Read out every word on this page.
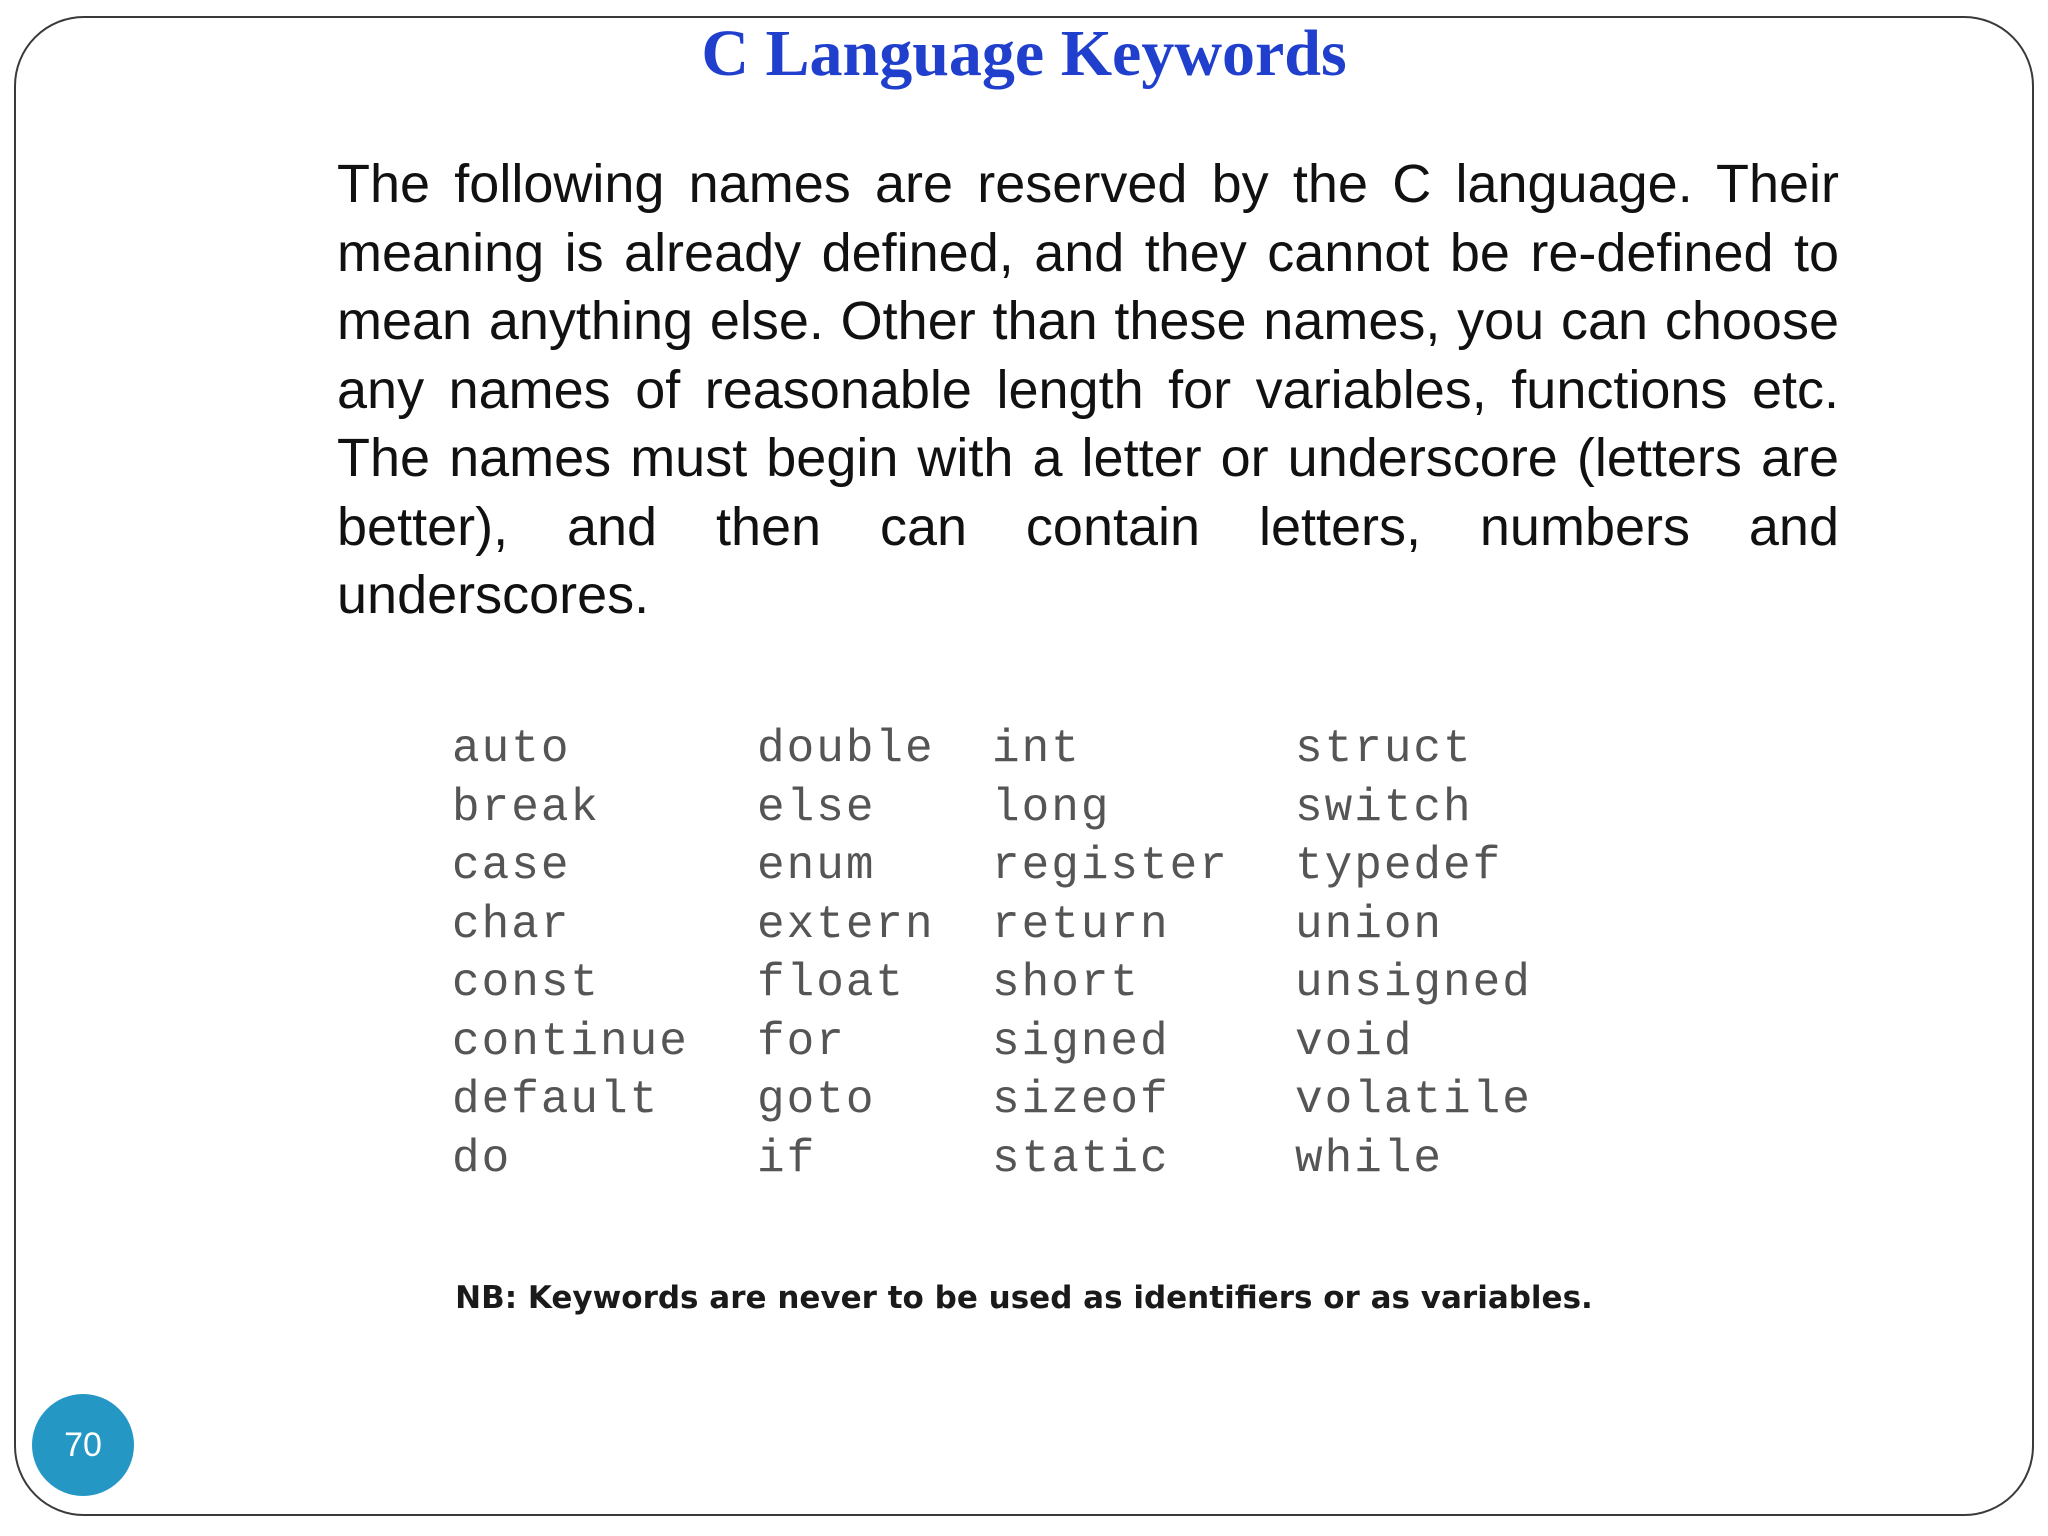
C Language Keywords

The following names are reserved by the C language. Their meaning is already defined, and they cannot be re-defined to mean anything else. Other than these names, you can choose any names of reasonable length for variables, functions etc. The names must begin with a letter or underscore (letters are better), and then can contain letters, numbers and underscores.

auto	double	int	struct
break	else	long	switch
case	enum	register	typedef
char	extern	return	union
const	float	short	unsigned
continue	for	signed	void
default	goto	sizeof	volatile
do	if	static	while

NB: Keywords are never to be used as identifiers or as variables.

70
